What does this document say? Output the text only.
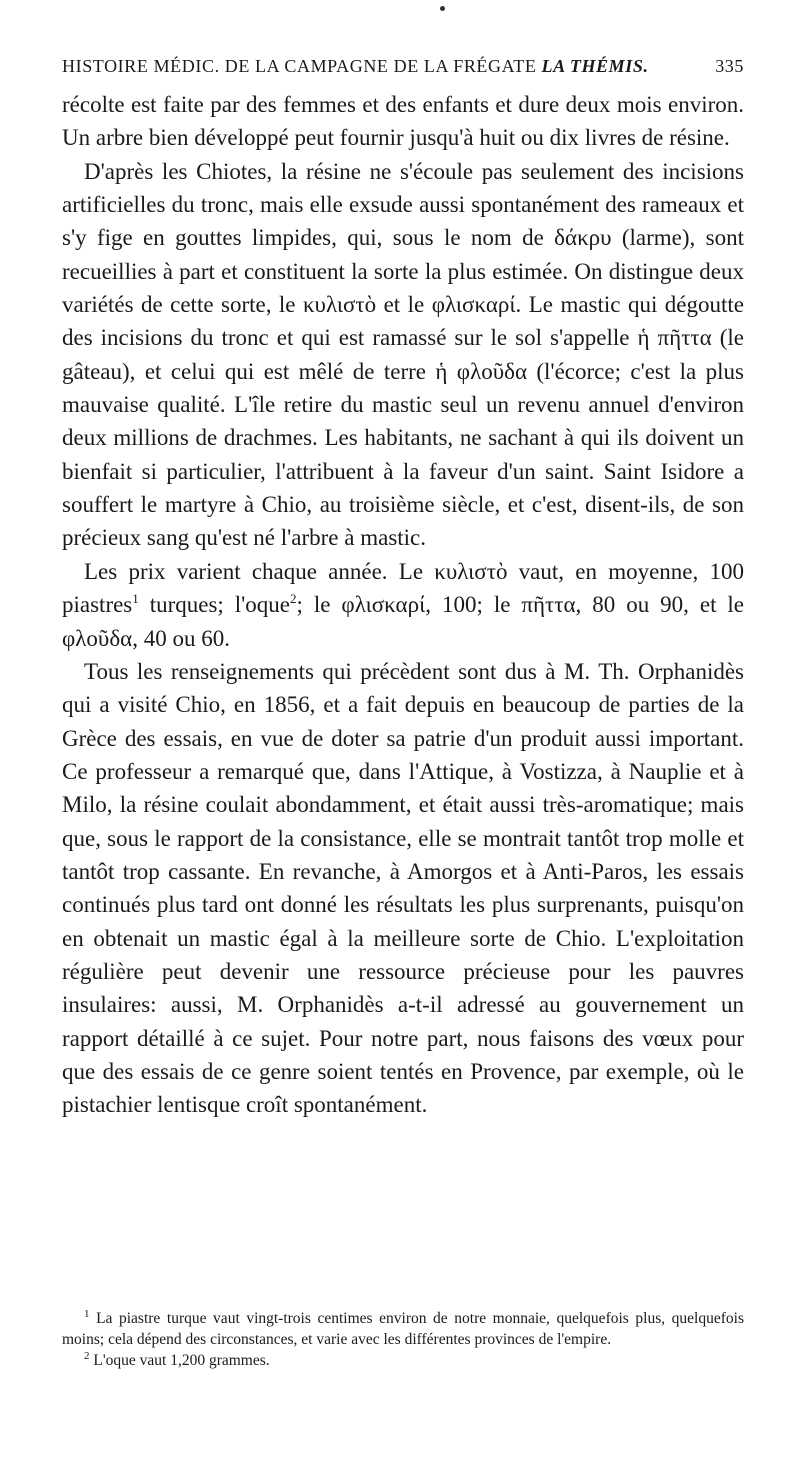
HISTOIRE MÉDIC. DE LA CAMPAGNE DE LA FRÉGATE LA THÉMIS.	335

récolte est faite par des femmes et des enfants et dure deux mois environ. Un arbre bien développé peut fournir jusqu'à huit ou dix livres de résine.

D'après les Chiotes, la résine ne s'écoule pas seulement des incisions artificielles du tronc, mais elle exsude aussi spontanément des rameaux et s'y fige en gouttes limpides, qui, sous le nom de δάκρυ (larme), sont recueillies à part et constituent la sorte la plus estimée. On distingue deux variétés de cette sorte, le κυλιστὸ et le φλισκαρί. Le mastic qui dégoutte des incisions du tronc et qui est ramassé sur le sol s'appelle ἡ πῆττα (le gâteau), et celui qui est mêlé de terre ἡ φλοῦδα (l'écorce; c'est la plus mauvaise qualité. L'île retire du mastic seul un revenu annuel d'environ deux millions de drachmes. Les habitants, ne sachant à qui ils doivent un bienfait si particulier, l'attribuent à la faveur d'un saint. Saint Isidore a souffert le martyre à Chio, au troisième siècle, et c'est, disent-ils, de son précieux sang qu'est né l'arbre à mastic.

Les prix varient chaque année. Le κυλιστὸ vaut, en moyenne, 100 piastres$^1$ turques; l'oque$^2$; le φλισκαρί, 100; le πῆττα, 80 ou 90, et le φλοῦδα, 40 ou 60.

Tous les renseignements qui précèdent sont dus à M. Th. Orphanidès qui a visité Chio, en 1856, et a fait depuis en beaucoup de parties de la Grèce des essais, en vue de doter sa patrie d'un produit aussi important. Ce professeur a remarqué que, dans l'Attique, à Vostizza, à Nauplie et à Milo, la résine coulait abondamment, et était aussi très-aromatique; mais que, sous le rapport de la consistance, elle se montrait tantôt trop molle et tantôt trop cassante. En revanche, à Amorgos et à Anti-Paros, les essais continués plus tard ont donné les résultats les plus surprenants, puisqu'on en obtenait un mastic égal à la meilleure sorte de Chio. L'exploitation régulière peut devenir une ressource précieuse pour les pauvres insulaires: aussi, M. Orphanidès a-t-il adressé au gouvernement un rapport détaillé à ce sujet. Pour notre part, nous faisons des vœux pour que des essais de ce genre soient tentés en Provence, par exemple, où le pistachier lentisque croît spontanément.

$^1$ La piastre turque vaut vingt-trois centimes environ de notre monnaie, quelquefois plus, quelquefois moins; cela dépend des circonstances, et varie avec les différentes provinces de l'empire.

$^2$ L'oque vaut 1,200 grammes.
